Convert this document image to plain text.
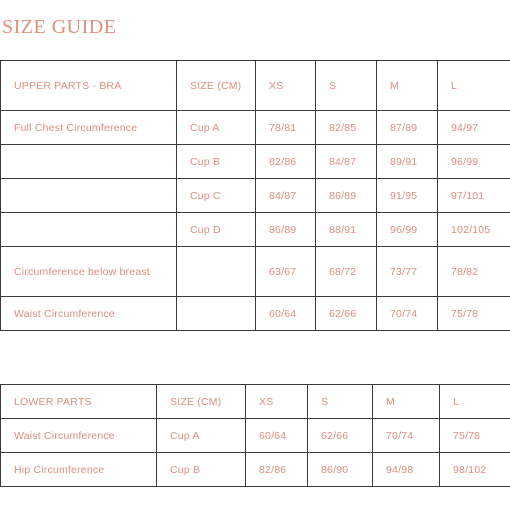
SIZE GUIDE
UPPER PARTS - BRA	SIZE (CM)	XS	S	M	L
Full Chest Circumference	Cup A	78/81	82/85	87/89	94/97
	Cup B	82/86	84/87	89/91	96/99
	Cup C	84/87	86/89	91/95	97/101
	Cup D	86/89	88/91	96/99	102/105
Circumference below breast		63/67	68/72	73/77	78/82
Waist Circumference		60/64	62/66	70/74	75/78
LOWER PARTS	SIZE (CM)	XS	S	M	L
Waist Circumference	Cup A	60/64	62/66	70/74	75/78
Hip Circumference	Cup B	82/86	86/90	94/98	98/102
